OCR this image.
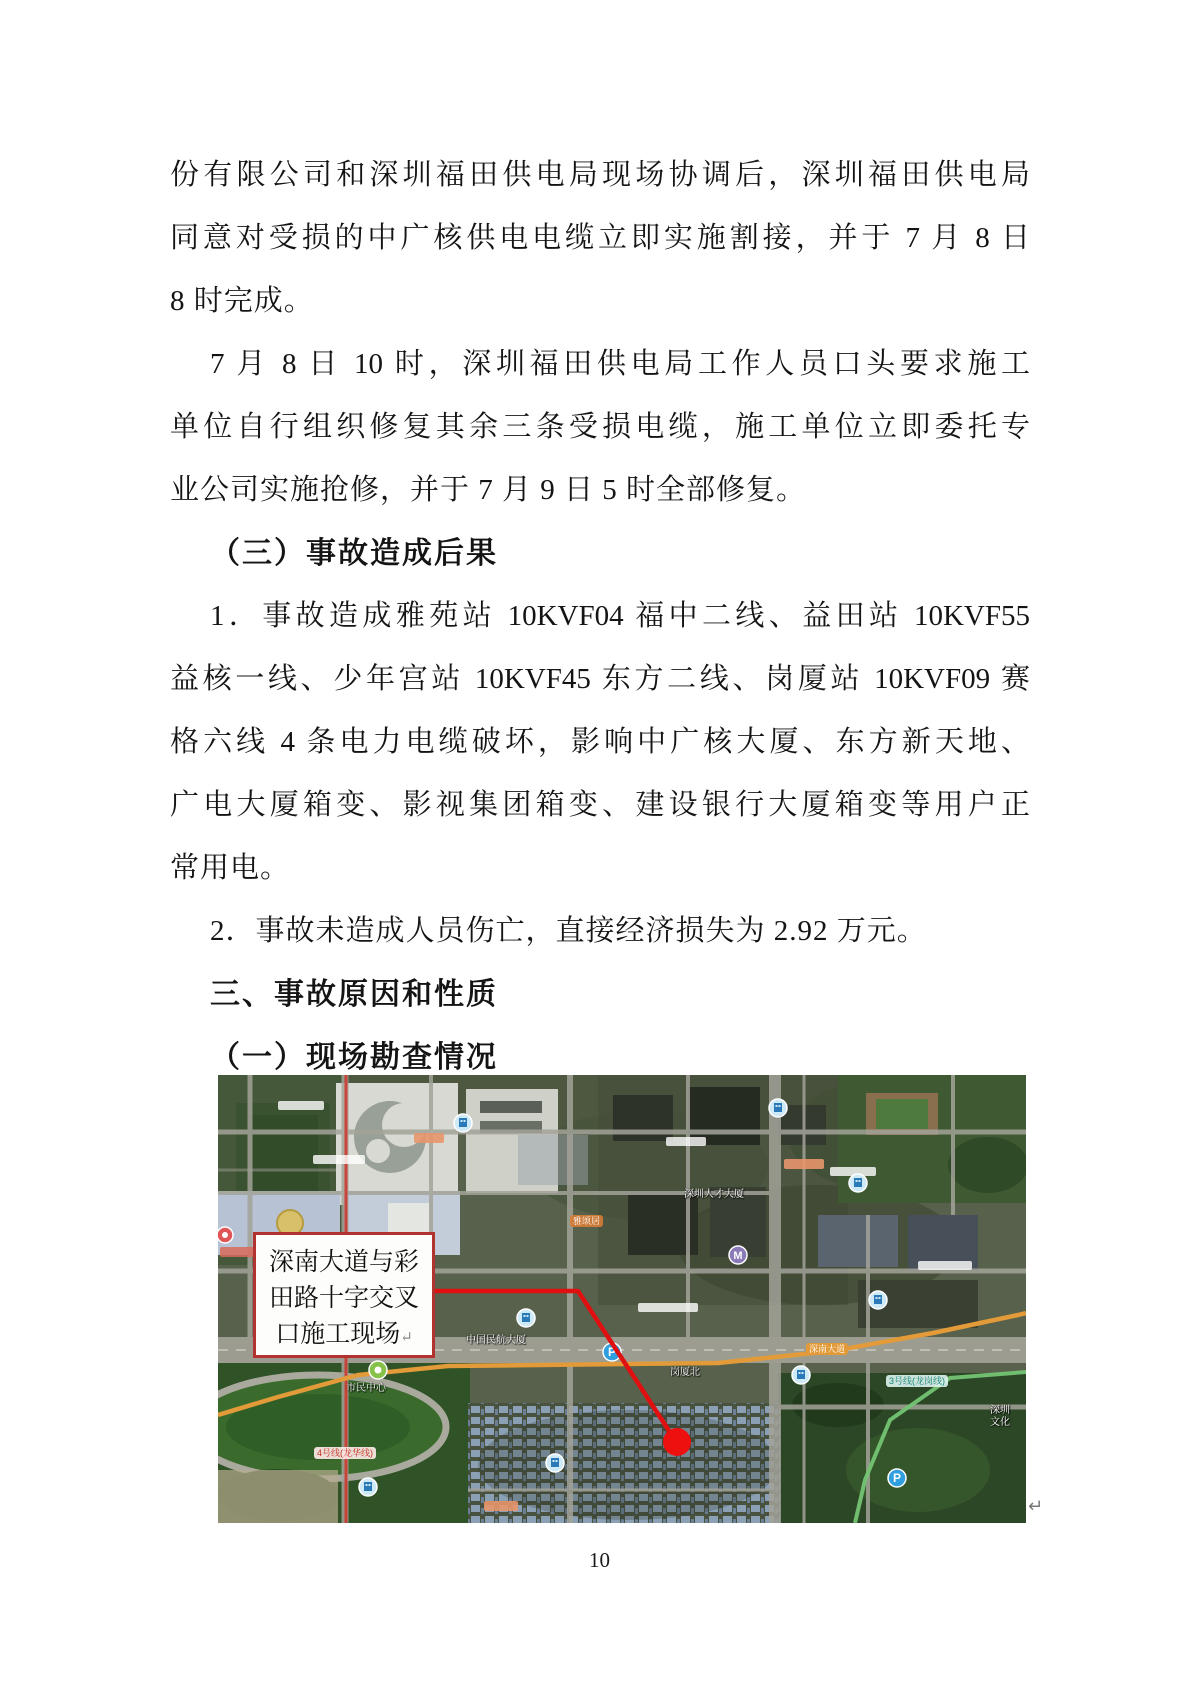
份有限公司和深圳福田供电局现场协调后，深圳福田供电局
同意对受损的中广核供电电缆立即实施割接，并于 7 月 8 日
8 时完成。
7 月 8 日 10 时，深圳福田供电局工作人员口头要求施工
单位自行组织修复其余三条受损电缆，施工单位立即委托专
业公司实施抢修，并于 7 月 9 日 5 时全部修复。
（三）事故造成后果
1．事故造成雅苑站 10KVF04 福中二线、益田站 10KVF55
益核一线、少年宫站 10KVF45 东方二线、岗厦站 10KVF09 赛
格六线 4 条电力电缆破坏，影响中广核大厦、东方新天地、
广电大厦箱变、影视集团箱变、建设银行大厦箱变等用户正
常用电。
2．事故未造成人员伤亡，直接经济损失为 2.92 万元。
三、事故原因和性质
（一）现场勘查情况
市民中心
中国民航大厦
深圳人才大厦
岗厦北
雅颂居
深圳
文化
4号线(龙华线)
3号线(龙岗线)
深南大道
深南大道与彩
田路十字交叉
口施工现场↵
↵
10
